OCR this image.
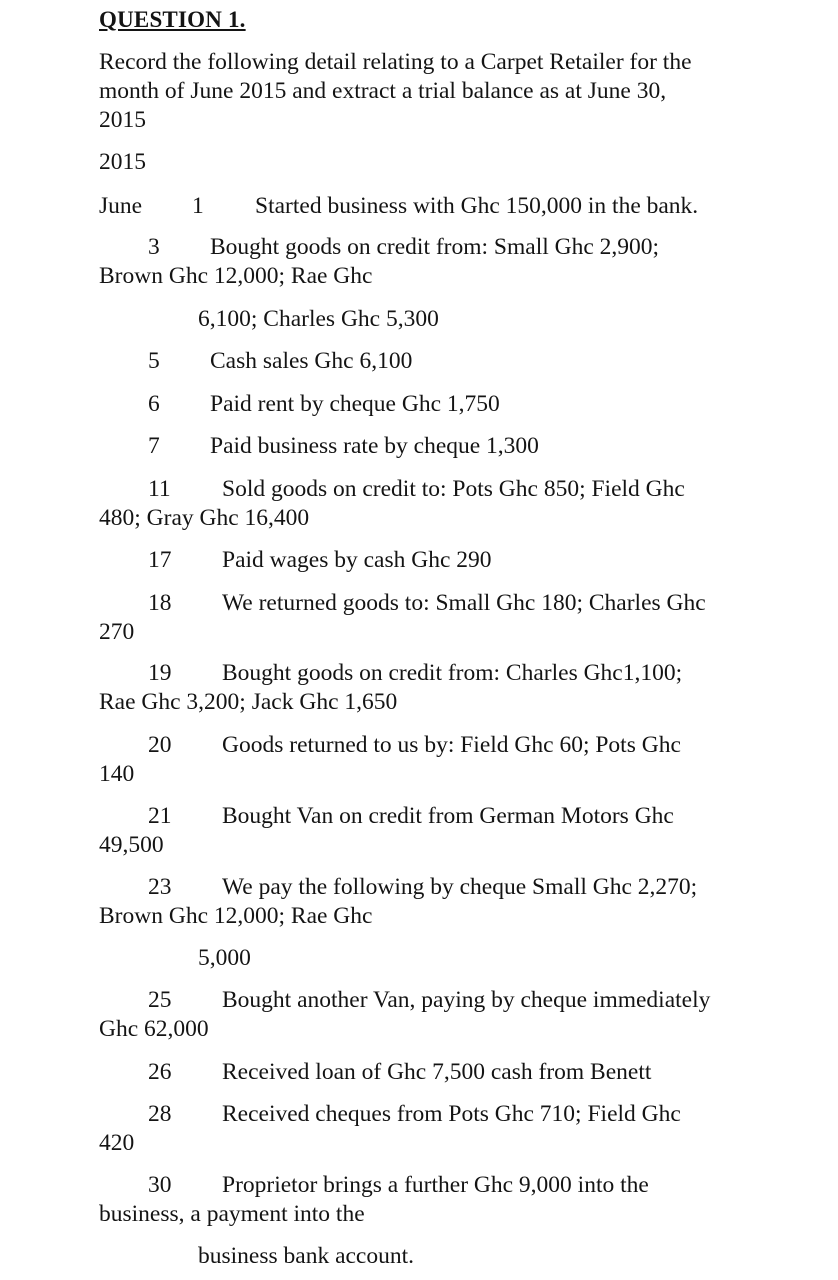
QUESTION 1.
Record the following detail relating to a Carpet Retailer for the
month of June 2015 and extract a trial balance as at June 30,
2015
2015
June 1 Started business with Ghc 150,000 in the bank.
3 Bought goods on credit from: Small Ghc 2,900;
Brown Ghc 12,000; Rae Ghc
6,100; Charles Ghc 5,300
5 Cash sales Ghc 6,100
6 Paid rent by cheque Ghc 1,750
7 Paid business rate by cheque 1,300
11 Sold goods on credit to: Pots Ghc 850; Field Ghc
480; Gray Ghc 16,400
17 Paid wages by cash Ghc 290
18 We returned goods to: Small Ghc 180; Charles Ghc
270
19 Bought goods on credit from: Charles Ghc1,100;
Rae Ghc 3,200; Jack Ghc 1,650
20 Goods returned to us by: Field Ghc 60; Pots Ghc
140
21 Bought Van on credit from German Motors Ghc
49,500
23 We pay the following by cheque Small Ghc 2,270;
Brown Ghc 12,000; Rae Ghc
5,000
25 Bought another Van, paying by cheque immediately
Ghc 62,000
26 Received loan of Ghc 7,500 cash from Benett
28 Received cheques from Pots Ghc 710; Field Ghc
420
30 Proprietor brings a further Ghc 9,000 into the
business, a payment into the
business bank account.
